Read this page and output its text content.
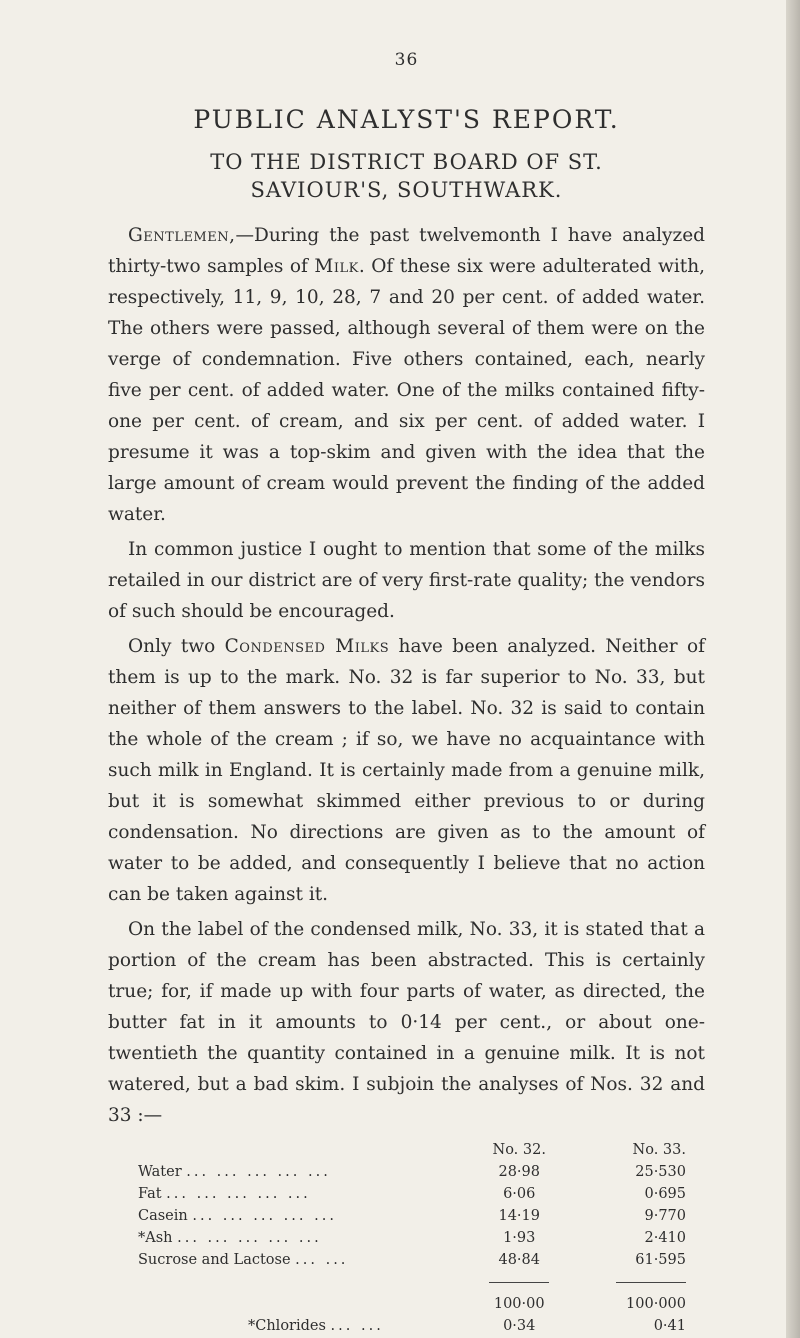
36
PUBLIC ANALYST'S REPORT.
TO THE DISTRICT BOARD OF ST. SAVIOUR'S, SOUTHWARK.

Gentlemen,—During the past twelvemonth I have analyzed thirty-two samples of Milk. Of these six were adulterated with, respectively, 11, 9, 10, 28, 7 and 20 per cent. of added water. The others were passed, although several of them were on the verge of condemnation. Five others contained, each, nearly five per cent. of added water. One of the milks contained fifty-one per cent. of cream, and six per cent. of added water. I presume it was a top-skim and given with the idea that the large amount of cream would prevent the finding of the added water.

In common justice I ought to mention that some of the milks retailed in our district are of very first-rate quality; the vendors of such should be encouraged.

Only two Condensed Milks have been analyzed. Neither of them is up to the mark. No. 32 is far superior to No. 33, but neither of them answers to the label. No. 32 is said to contain the whole of the cream ; if so, we have no acquaintance with such milk in England. It is certainly made from a genuine milk, but it is somewhat skimmed either previous to or during condensation. No directions are given as to the amount of water to be added, and consequently I believe that no action can be taken against it.

On the label of the condensed milk, No. 33, it is stated that a portion of the cream has been abstracted. This is certainly true; for, if made up with four parts of water, as directed, the butter fat in it amounts to 0·14 per cent., or about one-twentieth the quantity contained in a genuine milk. It is not watered, but a bad skim. I subjoin the analyses of Nos. 32 and 33 :—

	No. 32.	No. 33.
Water ... ... ... ... ...	28·98	25·530
Fat ... ... ... ... ...	6·06	0·695
Casein ... ... ... ... ...	14·19	9·770
*Ash ... ... ... ... ...	1·93	2·410
Sucrose and Lactose ... ...	48·84	61·595

	100·00	100·000
*Chlorides ... ...	0·34	0·41
